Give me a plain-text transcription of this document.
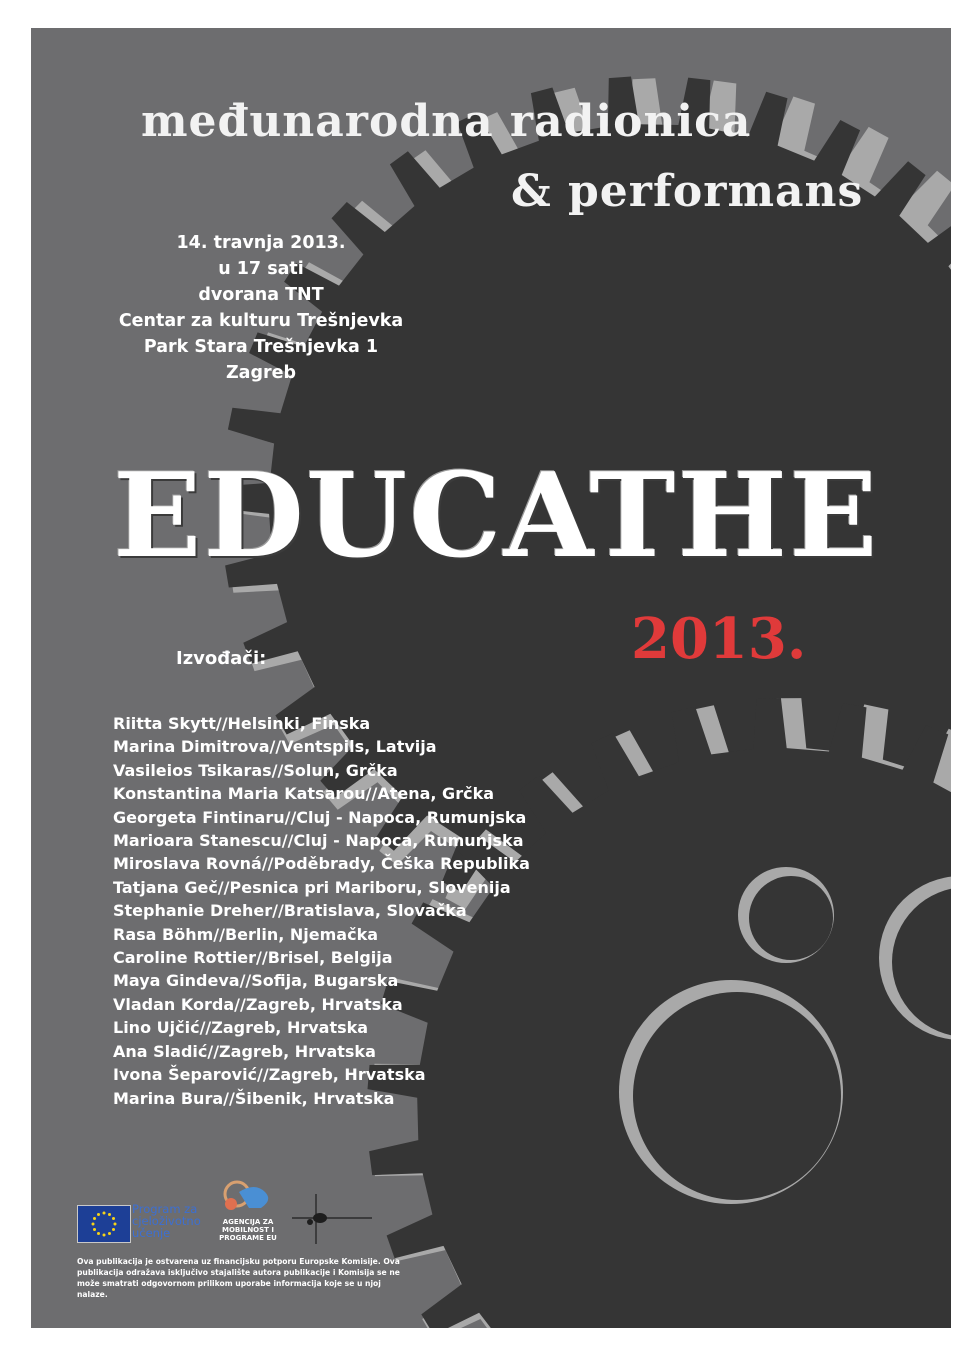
međunarodna radionica
& performans
14. travnja 2013.
u 17 sati
dvorana TNT
Centar za kulturu Trešnjevka
Park Stara Trešnjevka 1
Zagreb
EDUCATHE
2013.
Izvođači:
Riitta Skytt//Helsinki, Finska
Marina Dimitrova//Ventspils, Latvija
Vasileios Tsikaras//Solun, Grčka
Konstantina Maria Katsarou//Atena, Grčka
Georgeta Fintinaru//Cluj - Napoca, Rumunjska
Marioara Stanescu//Cluj - Napoca, Rumunjska
Miroslava Rovná//Poděbrady, Češka Republika
Tatjana Geč//Pesnica pri Mariboru, Slovenija
Stephanie Dreher//Bratislava, Slovačka
Rasa Böhm//Berlin, Njemačka
Caroline Rottier//Brisel, Belgija
Maya Gindeva//Sofija, Bugarska
Vladan Korda//Zagreb, Hrvatska
Lino Ujčić//Zagreb, Hrvatska
Ana Sladić//Zagreb, Hrvatska
Ivona Šeparović//Zagreb, Hrvatska
Marina Bura//Šibenik, Hrvatska
Program za cjeloživotno učenje
AGENCIJA ZA MOBILNOST I PROGRAME EU
Ova publikacija je ostvarena uz financijsku potporu Europske Komisije. Ova publikacija odražava isključivo stajalište autora publikacije i Komisija se ne može smatrati odgovornom prilikom uporabe informacija koje se u njoj nalaze.
